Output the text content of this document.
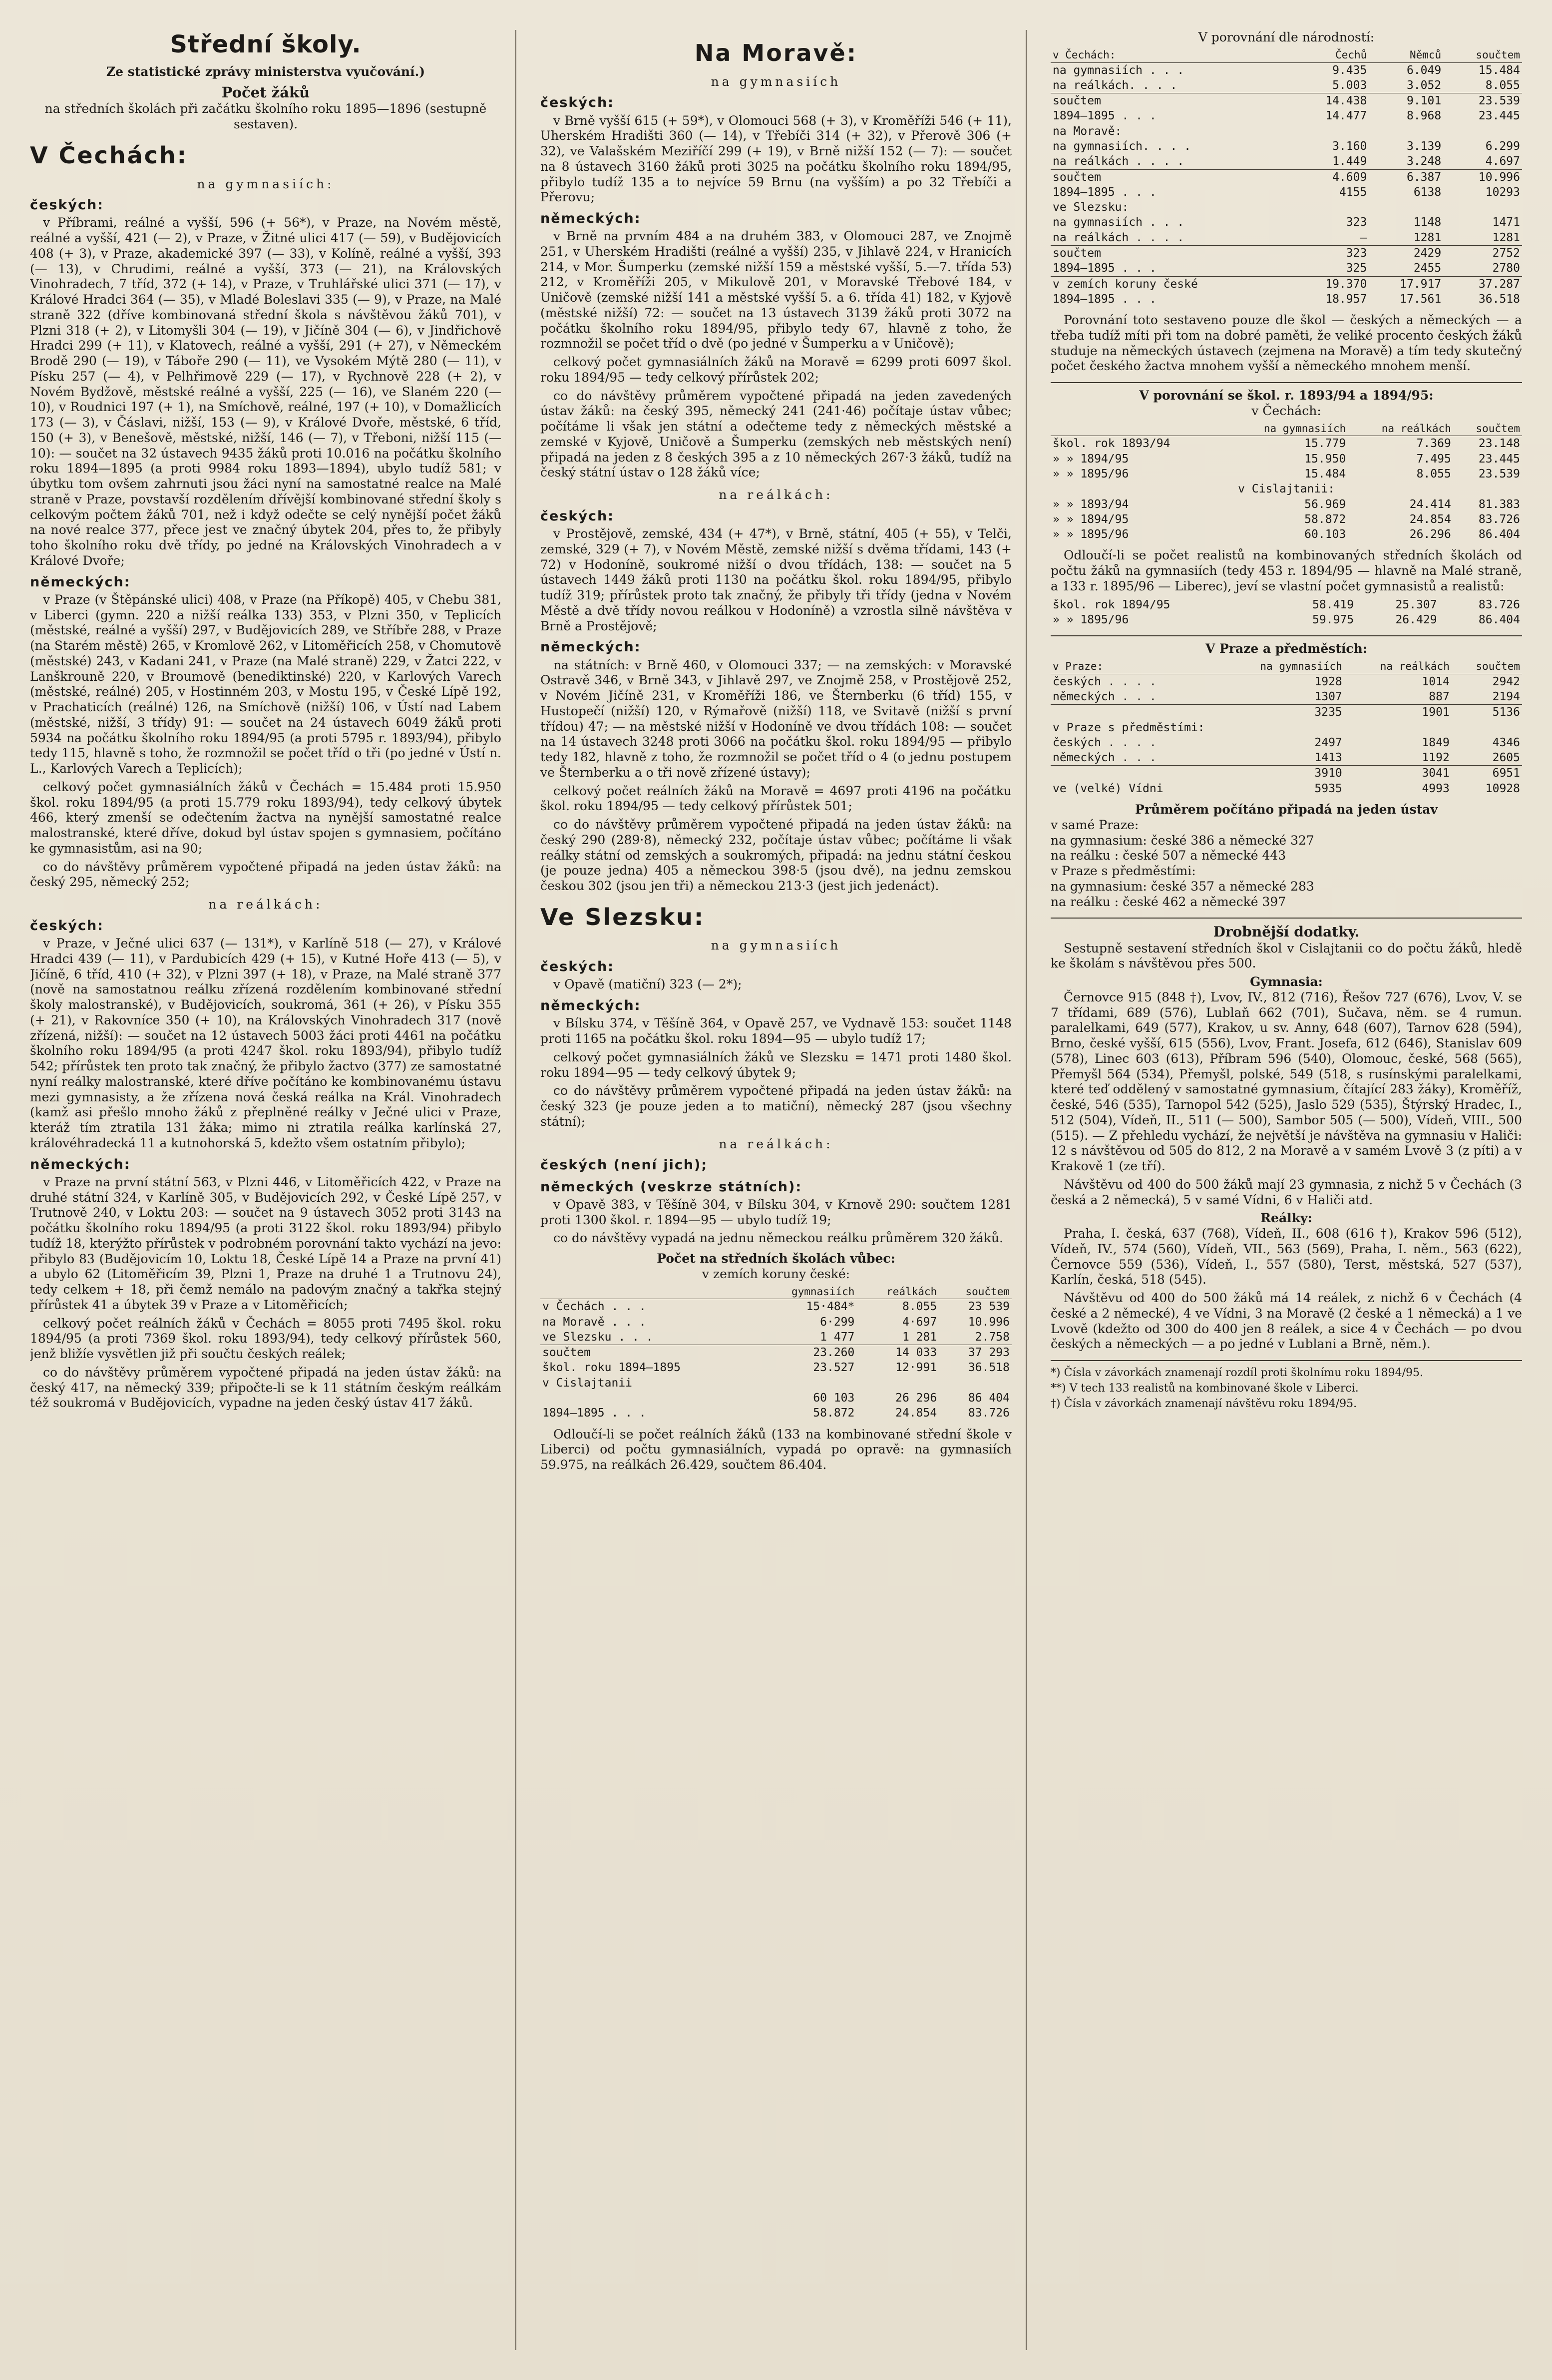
Střední školy.
Ze statistické zprávy ministerstva vyučování.)
Počet žáků
na středních školách při začátku školního roku 1895—1896 (sestupně sestaven).
V Čechách:
na gymnasiích:
českých:

v Příbrami, reálné a vyšší, 596 (+ 56*), v Praze, na Novém městě, reálné a vyšší, 421 (— 2), v Praze, v Žitné ulici 417 (— 59), v Budějovicích 408 (+ 3), v Praze, akademické 397 (— 33), v Kolíně, reálné a vyšší, 393 (— 13), v Chrudimi, reálné a vyšší, 373 (— 21), na Královských Vinohradech, 7 tříd, 372 (+ 14), v Praze, v Truhlářské ulici 371 (— 17), v Králové Hradci 364 (— 35), v Mladé Boleslavi 335 (— 9), v Praze, na Malé straně 322 (dříve kombinovaná střední škola s návštěvou žáků 701), v Plzni 318 (+ 2), v Litomyšli 304 (— 19), v Jičíně 304 (— 6), v Jindřichově Hradci 299 (+ 11), v Klatovech, reálné a vyšší, 291 (+ 27), v Německém Brodě 290 (— 19), v Táboře 290 (— 11), ve Vysokém Mýtě 280 (— 11), v Písku 257 (— 4), v Pelhřimově 229 (— 17), v Rychnově 228 (+ 2), v Novém Bydžově, městské reálné a vyšší, 225 (— 16), ve Slaném 220 (— 10), v Roudnici 197 (+ 1), na Smíchově, reálné, 197 (+ 10), v Domažlicích 173 (— 3), v Čáslavi, nižší, 153 (— 9), v Králové Dvoře, městské, 6 tříd, 150 (+ 3), v Benešově, městské, nižší, 146 (— 7), v Třeboni, nižší 115 (— 10): — součet na 32 ústavech 9435 žáků proti 10.016 na počátku školního roku 1894—1895 (a proti 9984 roku 1893—1894), ubylo tudíž 581; v úbytku tom ovšem zahrnuti jsou žáci nyní na samostatné realce na Malé straně v Praze, povstavší rozdělením dřívější kombinované střední školy s celkovým počtem žáků 701, než i když odečte se celý nynější počet žáků na nové realce 377, přece jest ve značný úbytek 204, přes to, že přibyly toho školního roku dvě třídy, po jedné na Královských Vinohradech a v Králové Dvoře;

německých:

v Praze (v Štěpánské ulici) 408, v Praze (na Příkopě) 405, v Chebu 381, v Liberci (gymn. 220 a nižší reálka 133) 353, v Plzni 350, v Teplicích (městské, reálné a vyšší) 297, v Budějovicích 289, ve Stříbře 288, v Praze (na Starém městě) 265, v Kromlově 262, v Litoměřicích 258, v Chomutově (městské) 243, v Kadani 241, v Praze (na Malé straně) 229, v Žatci 222, v Lanškrouně 220, v Broumově (benediktinské) 220, v Karlových Varech (městské, reálné) 205, v Hostinném 203, v Mostu 195, v České Lípě 192, v Prachaticích (reálné) 126, na Smíchově (nižší) 106, v Ústí nad Labem (městské, nižší, 3 třídy) 91: — součet na 24 ústavech 6049 žáků proti 5934 na počátku školního roku 1894/95 (a proti 5795 r. 1893/94), přibylo tedy 115, hlavně s toho, že rozmnožil se počet tříd o tři (po jedné v Ústí n. L., Karlových Varech a Teplicích);

celkový počet gymnasiálních žáků v Čechách = 15.484 proti 15.950 škol. roku 1894/95 (a proti 15.779 roku 1893/94), tedy celkový úbytek 466, který zmenší se odečtením žactva na nynější samostatné realce malostranské, které dříve, dokud byl ústav spojen s gymnasiem, počítáno ke gymnasistům, asi na 90;

co do návštěvy průměrem vypočtené připadá na jeden ústav žáků: na český 295, německý 252;

na reálkách:
českých:

v Praze, v Ječné ulici 637 (— 131*), v Karlíně 518 (— 27), v Králové Hradci 439 (— 11), v Pardubicích 429 (+ 15), v Kutné Hoře 413 (— 5), v Jičíně, 6 tříd, 410 (+ 32), v Plzni 397 (+ 18), v Praze, na Malé straně 377 (nově na samostatnou reálku zřízená rozdělením kombinované střední školy malostranské), v Budějovicích, soukromá, 361 (+ 26), v Písku 355 (+ 21), v Rakovníce 350 (+ 10), na Královských Vinohradech 317 (nově zřízená, nižší): — součet na 12 ústavech 5003 žáci proti 4461 na počátku školního roku 1894/95 (a proti 4247 škol. roku 1893/94), přibylo tudíž 542; přírůstek ten proto tak značný, že přibylo žactvo (377) ze samostatné nyní reálky malostranské, které dříve počítáno ke kombinovanému ústavu mezi gymnasisty, a že zřízena nová česká reálka na Král. Vinohradech (kamž asi přešlo mnoho žáků z přeplněné reálky v Ječné ulici v Praze, kteráž tím ztratila 131 žáka; mimo ni ztratila reálka karlínská 27, královéhradecká 11 a kutnohorská 5, kdežto všem ostatním přibylo);

německých:

v Praze na první státní 563, v Plzni 446, v Litoměřicích 422, v Praze na druhé státní 324, v Karlíně 305, v Budějovicích 292, v České Lípě 257, v Trutnově 240, v Loktu 203: — součet na 9 ústavech 3052 proti 3143 na počátku školního roku 1894/95 (a proti 3122 škol. roku 1893/94) přibylo tudíž 18, kterýžto přírůstek v podrobném porovnání takto vychází na jevo: přibylo 83 (Budějovicím 10, Loktu 18, České Lípě 14 a Praze na první 41) a ubylo 62 (Litoměřicím 39, Plzni 1, Praze na druhé 1 a Trutnovu 24), tedy celkem + 18, při čemž nemálo na padovým značný a takřka stejný přírůstek 41 a úbytek 39 v Praze a v Litoměřicích;

celkový počet reálních žáků v Čechách = 8055 proti 7495 škol. roku 1894/95 (a proti 7369 škol. roku 1893/94), tedy celkový přírůstek 560, jenž bližíe vysvětlen již při součtu českých reálek;

co do návštěvy průměrem vypočtené připadá na jeden ústav žáků: na český 417, na německý 339; připočte-li se k 11 státním českým reálkám též soukromá v Budějovicích, vypadne na jeden český ústav 417 žáků.

Na Moravě:
na gymnasiích
českých:

v Brně vyšší 615 (+ 59*), v Olomouci 568 (+ 3), v Kroměříži 546 (+ 11), Uherském Hradišti 360 (— 14), v Třebíči 314 (+ 32), v Přerově 306 (+ 32), ve Valašském Meziříčí 299 (+ 19), v Brně nižší 152 (— 7): — součet na 8 ústavech 3160 žáků proti 3025 na počátku školního roku 1894/95, přibylo tudíž 135 a to nejvíce 59 Brnu (na vyšším) a po 32 Třebíči a Přerovu;

německých:

v Brně na prvním 484 a na druhém 383, v Olomouci 287, ve Znojmě 251, v Uherském Hradišti (reálné a vyšší) 235, v Jihlavě 224, v Hranicích 214, v Mor. Šumperku (zemské nižší 159 a městské vyšší, 5.—7. třída 53) 212, v Kroměříži 205, v Mikulově 201, v Moravské Třebové 184, v Uničově (zemské nižší 141 a městské vyšší 5. a 6. třída 41) 182, v Kyjově (městské nižší) 72: — součet na 13 ústavech 3139 žáků proti 3072 na počátku školního roku 1894/95, přibylo tedy 67, hlavně z toho, že rozmnožil se počet tříd o dvě (po jedné v Šumperku a v Uničově);

celkový počet gymnasiálních žáků na Moravě = 6299 proti 6097 škol. roku 1894/95 — tedy celkový přírůstek 202;

co do návštěvy průměrem vypočtené připadá na jeden zavedených ústav žáků: na český 395, německý 241 (241·46) počítaje ústav vůbec; počítáme li však jen státní a odečteme tedy z německých městské a zemské v Kyjově, Uničově a Šumperku (zemských neb městských není) připadá na jeden z 8 českých 395 a z 10 německých 267·3 žáků, tudíž na český státní ústav o 128 žáků více;

na reálkách:
českých:

v Prostějově, zemské, 434 (+ 47*), v Brně, státní, 405 (+ 55), v Telči, zemské, 329 (+ 7), v Novém Městě, zemské nižší s dvěma třídami, 143 (+ 72) v Hodoníně, soukromé nižší o dvou třídách, 138: — součet na 5 ústavech 1449 žáků proti 1130 na počátku škol. roku 1894/95, přibylo tudíž 319; přírůstek proto tak značný, že přibyly tři třídy (jedna v Novém Městě a dvě třídy novou reálkou v Hodoníně) a vzrostla silně návštěva v Brně a Prostějově;

německých:

na státních: v Brně 460, v Olomouci 337; — na zemských: v Moravské Ostravě 346, v Brně 343, v Jihlavě 297, ve Znojmě 258, v Prostějově 252, v Novém Jičíně 231, v Kroměříži 186, ve Šternberku (6 tříd) 155, v Hustopečí (nižší) 120, v Rýmařově (nižší) 118, ve Svitavě (nižší s první třídou) 47; — na městské nižší v Hodoníně ve dvou třídách 108: — součet na 14 ústavech 3248 proti 3066 na počátku škol. roku 1894/95 — přibylo tedy 182, hlavně z toho, že rozmnožil se počet tříd o 4 (o jednu postupem ve Šternberku a o tři nově zřízené ústavy);

celkový počet reálních žáků na Moravě = 4697 proti 4196 na počátku škol. roku 1894/95 — tedy celkový přírůstek 501;

co do návštěvy průměrem vypočtené připadá na jeden ústav žáků: na český 290 (289·8), německý 232, počítaje ústav vůbec; počítáme li však reálky státní od zemských a soukromých, připadá: na jednu státní českou (je pouze jedna) 405 a německou 398·5 (jsou dvě), na jednu zemskou českou 302 (jsou jen tři) a německou 213·3 (jest jich jedenáct).

Ve Slezsku:
na gymnasiích
českých:

v Opavě (matiční) 323 (— 2*);

německých:

v Bílsku 374, v Těšíně 364, v Opavě 257, ve Vydnavě 153: součet 1148 proti 1165 na počátku škol. roku 1894—95 — ubylo tudíž 17;

celkový počet gymnasiálních žáků ve Slezsku = 1471 proti 1480 škol. roku 1894—95 — tedy celkový úbytek 9;

co do návštěvy průměrem vypočtené připadá na jeden ústav žáků: na český 323 (je pouze jeden a to matiční), německý 287 (jsou všechny státní);

na reálkách:
českých (není jich);
německých (veskrze státních):

v Opavě 383, v Těšíně 304, v Bílsku 304, v Krnově 290: součtem 1281 proti 1300 škol. r. 1894—95 — ubylo tudíž 19;

co do návštěvy vypadá na jednu německou reálku průměrem 320 žáků.

Počet na středních školách vůbec:
v zemích koruny české:
	gymnasiích	reálkách	součtem
v Čechách . . .	15·484*	8.055	23 539
na Moravě . . .	6·299	4·697	10.996
ve Slezsku . . .	1 477	1 281	2.758
součtem	23.260	14 033	37 293
škol. roku 1894—1895	23.527	12·991	36.518
v Cislajtanii			
	60 103	26 296	86 404
1894—1895 . . .	58.872	24.854	83.726

Odloučí-li se počet reálních žáků (133 na kombinované střední škole v Liberci) od počtu gymnasiálních, vypadá po opravě: na gymnasiích 59.975, na reálkách 26.429, součtem 86.404.

V porovnání dle národností:
v Čechách:	Čechů	Němců	součtem
na gymnasiích . . .	9.435	6.049	15.484
na reálkách. . . .	5.003	3.052	8.055
součtem	14.438	9.101	23.539
1894—1895 . . .	14.477	8.968	23.445
na Moravě:			
na gymnasiích. . . .	3.160	3.139	6.299
na reálkách . . . .	1.449	3.248	4.697
součtem	4.609	6.387	10.996
1894—1895 . . .	4155	6138	10293
ve Slezsku:			
na gymnasiích . . .	323	1148	1471
na reálkách . . . .	—	1281	1281
součtem	323	2429	2752
1894—1895 . . .	325	2455	2780
v zemích koruny české	19.370	17.917	37.287
1894—1895 . . .	18.957	17.561	36.518

Porovnání toto sestaveno pouze dle škol — českých a německých — a třeba tudíž míti při tom na dobré paměti, že veliké procento českých žáků studuje na německých ústavech (zejmena na Moravě) a tím tedy skutečný počet českého žactva mnohem vyšší a německého mnohem menší.

V porovnání se škol. r. 1893/94 a 1894/95:
v Čechách:
	na gymnasiích	na reálkách	součtem
škol. rok 1893/94	15.779	7.369	23.148
» » 1894/95	15.950	7.495	23.445
» » 1895/96	15.484	8.055	23.539
v Cislajtanii:			
» » 1893/94	56.969	24.414	81.383
» » 1894/95	58.872	24.854	83.726
» » 1895/96	60.103	26.296	86.404

Odloučí-li se počet realistů na kombinovaných středních školách od počtu žáků na gymnasiích (tedy 453 r. 1894/95 — hlavně na Malé straně, a 133 r. 1895/96 — Liberec), jeví se vlastní počet gymnasistů a realistů:

škol. rok 1894/95	58.419	25.307	83.726
» » 1895/96	59.975	26.429	86.404
V Praze a předměstích:
v Praze:	na gymnasiích	na reálkách	součtem
českých . . . .	1928	1014	2942
německých . . .	1307	887	2194
	3235	1901	5136
v Praze s předměstími:			
českých . . . .	2497	1849	4346
německých . . .	1413	1192	2605
	3910	3041	6951
ve (velké) Vídni	5935	4993	10928
Průměrem počítáno připadá na jeden ústav
v samé Praze:
na gymnasium: české 386 a německé 327
na reálku : české 507 a německé 443
v Praze s předměstími:
na gymnasium: české 357 a německé 283
na reálku : české 462 a německé 397
Drobnější dodatky.

Sestupně sestavení středních škol v Cislajtanii co do počtu žáků, hledě ke školám s návštěvou přes 500.

Gymnasia:

Černovce 915 (848 †), Lvov, IV., 812 (716), Řešov 727 (676), Lvov, V. se 7 třídami, 689 (576), Lublaň 662 (701), Sučava, něm. se 4 rumun. paralelkami, 649 (577), Krakov, u sv. Anny, 648 (607), Tarnov 628 (594), Brno, české vyšší, 615 (556), Lvov, Frant. Josefa, 612 (646), Stanislav 609 (578), Linec 603 (613), Příbram 596 (540), Olomouc, české, 568 (565), Přemyšl 564 (534), Přemyšl, polské, 549 (518, s rusínskými paralelkami, které teď oddělený v samostatné gymnasium, čítající 283 žáky), Kroměříž, české, 546 (535), Tarnopol 542 (525), Jaslo 529 (535), Štýrský Hradec, I., 512 (504), Vídeň, II., 511 (— 500), Sambor 505 (— 500), Vídeň, VIII., 500 (515). — Z přehledu vychází, že největší je návštěva na gymnasiu v Haliči: 12 s návštěvou od 505 do 812, 2 na Moravě a v samém Lvově 3 (z píti) a v Krakově 1 (ze tří).

Návštěvu od 400 do 500 žáků mají 23 gymnasia, z nichž 5 v Čechách (3 česká a 2 německá), 5 v samé Vídni, 6 v Haliči atd.

Reálky:

Praha, I. česká, 637 (768), Vídeň, II., 608 (616 †), Krakov 596 (512), Vídeň, IV., 574 (560), Vídeň, VII., 563 (569), Praha, I. něm., 563 (622), Černovce 559 (536), Vídeň, I., 557 (580), Terst, městská, 527 (537), Karlín, česká, 518 (545).

Návštěvu od 400 do 500 žáků má 14 reálek, z nichž 6 v Čechách (4 české a 2 německé), 4 ve Vídni, 3 na Moravě (2 české a 1 německá) a 1 ve Lvově (kdežto od 300 do 400 jen 8 reálek, a sice 4 v Čechách — po dvou českých a německých — a po jedné v Lublani a Brně, něm.).

*) Čísla v závorkách znamenají rozdíl proti školnímu roku 1894/95.

**) V tech 133 realistů na kombinované škole v Liberci.

†) Čísla v závorkách znamenají návštěvu roku 1894/95.
